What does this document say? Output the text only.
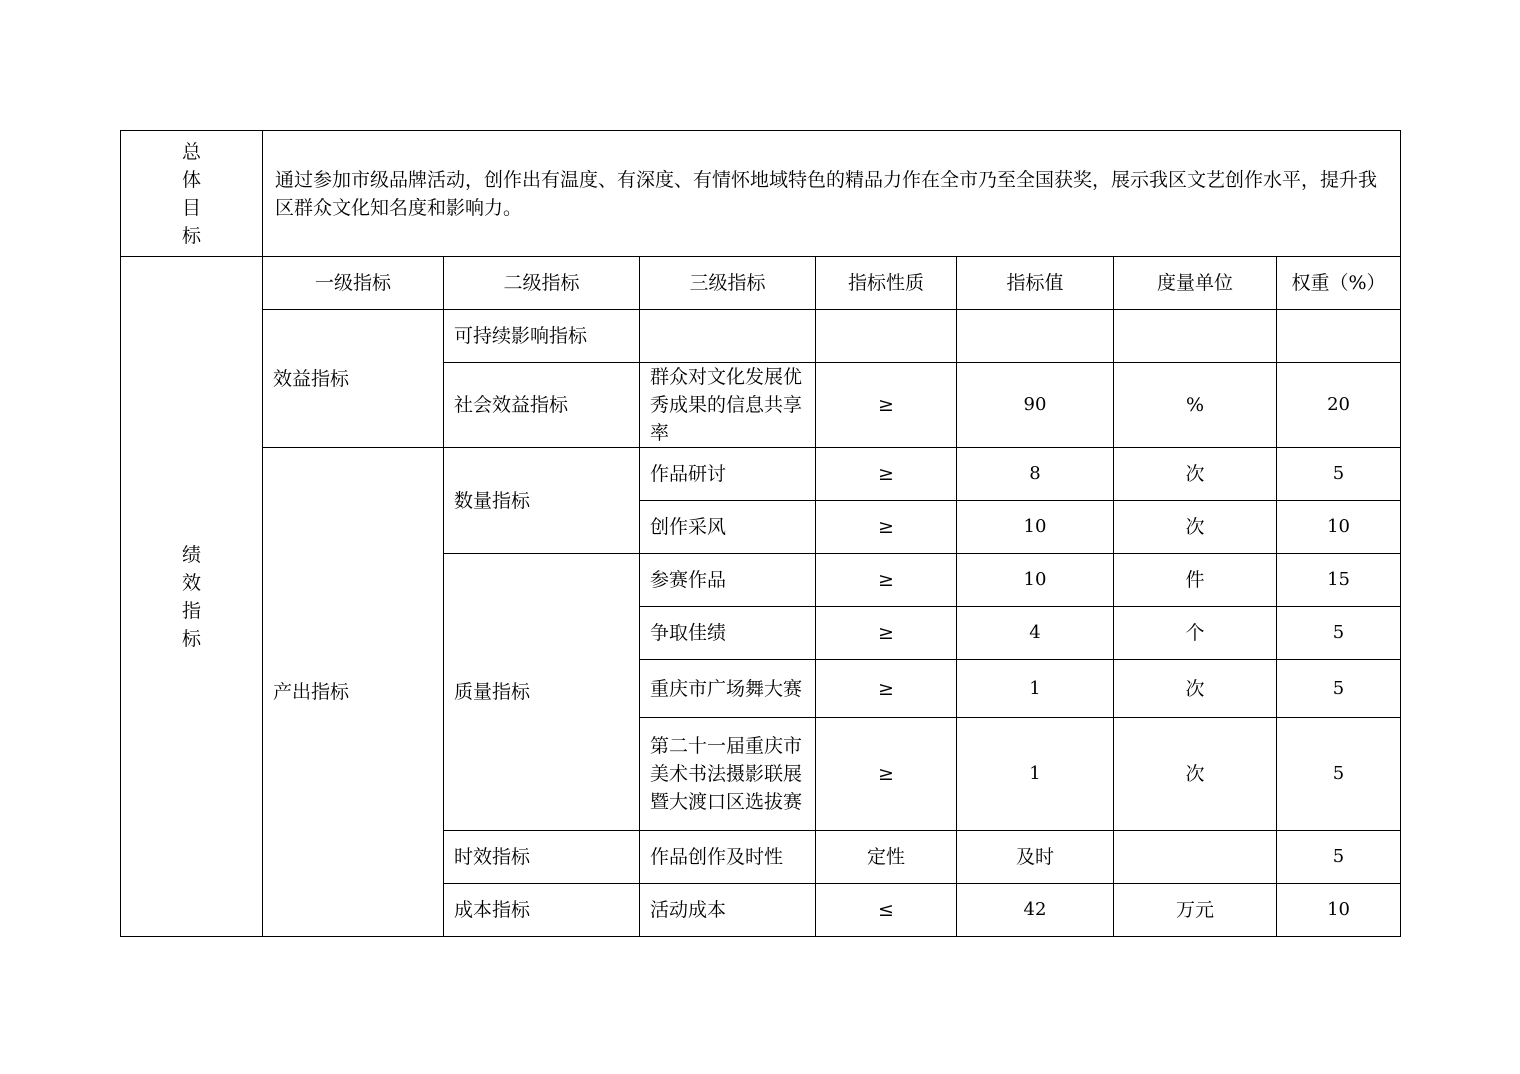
总
体
目
标	通过参加市级品牌活动，创作出有温度、有深度、有情怀地域特色的精品力作在全市乃至全国获奖，展示我区文艺创作水平，提升我区群众文化知名度和影响力。						

绩
效
指
标	一级指标	二级指标	三级指标	指标性质	指标值	度量单位	权重（%）
	效益指标	可持续影响指标					
		社会效益指标	群众对文化发展优秀成果的信息共享率	≥	90	%	20
	产出指标	数量指标	作品研讨	≥	8	次	5
			创作采风	≥	10	次	10
		质量指标	参赛作品	≥	10	件	15
			争取佳绩	≥	4	个	5
			重庆市广场舞大赛	≥	1	次	5
			第二十一届重庆市美术书法摄影联展暨大渡口区选拔赛	≥	1	次	5
		时效指标	作品创作及时性	定性	及时		5
		成本指标	活动成本	≤	42	万元	10
